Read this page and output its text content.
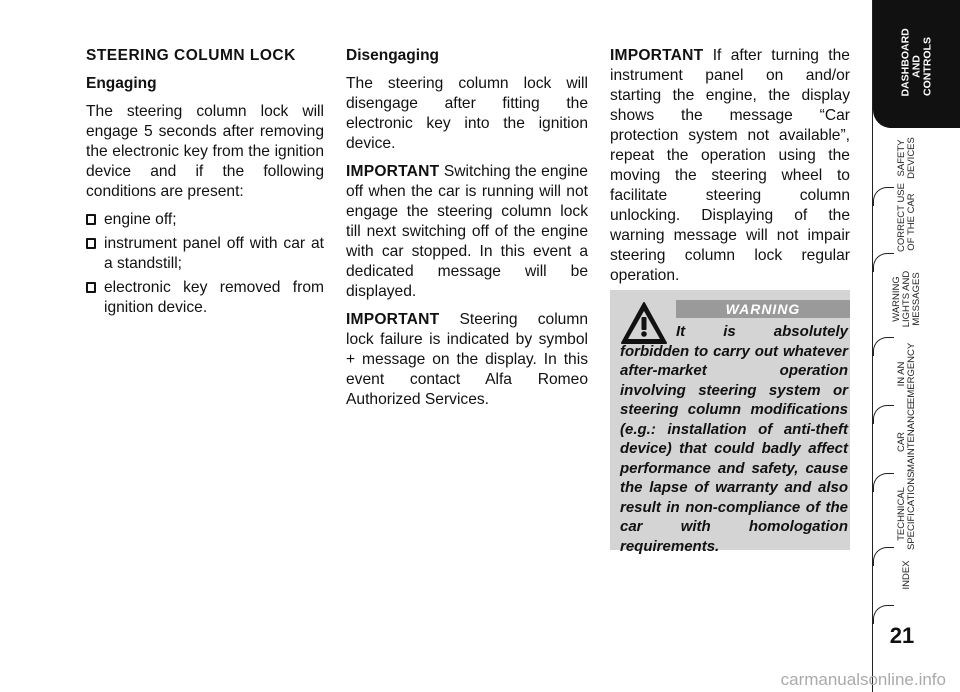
STEERING COLUMN LOCK

Engaging

The steering column lock will engage 5 seconds after removing the electronic key from the ignition device and if the following conditions are present:

engine off;
instrument panel off with car at a standstill;
electronic key removed from ignition device.

Disengaging

The steering column lock will disengage after fitting the electronic key into the ignition device.

IMPORTANT Switching the engine off when the car is running will not engage the steering column lock till next switching off of the engine with car stopped. In this event a dedicated message will be displayed.

IMPORTANT Steering column lock failure is indicated by symbol + message on the display. In this event contact Alfa Romeo Authorized Services.

IMPORTANT If after turning the instrument panel on and/or starting the engine, the display shows the message “Car protection system not available”, repeat the operation using the moving the steering wheel to facilitate steering column unlocking. Displaying of the warning message will not impair steering column lock regular operation.

WARNING
It is absolutely forbidden to carry out whatever after-market operation involving steering system or steering column modifications (e.g.: installation of anti-theft device) that could badly affect performance and safety, cause the lapse of warranty and also result in non-compliance of the car with homologation requirements.
DASHBOARD
AND
CONTROLS
SAFETY
DEVICES
CORRECT USE
OF THE CAR
WARNING
LIGHTS AND
MESSAGES
IN AN
EMERGENCY
CAR
MAINTENANCE
TECHNICAL
SPECIFICATIONS
INDEX
21
carmanualsonline.info
